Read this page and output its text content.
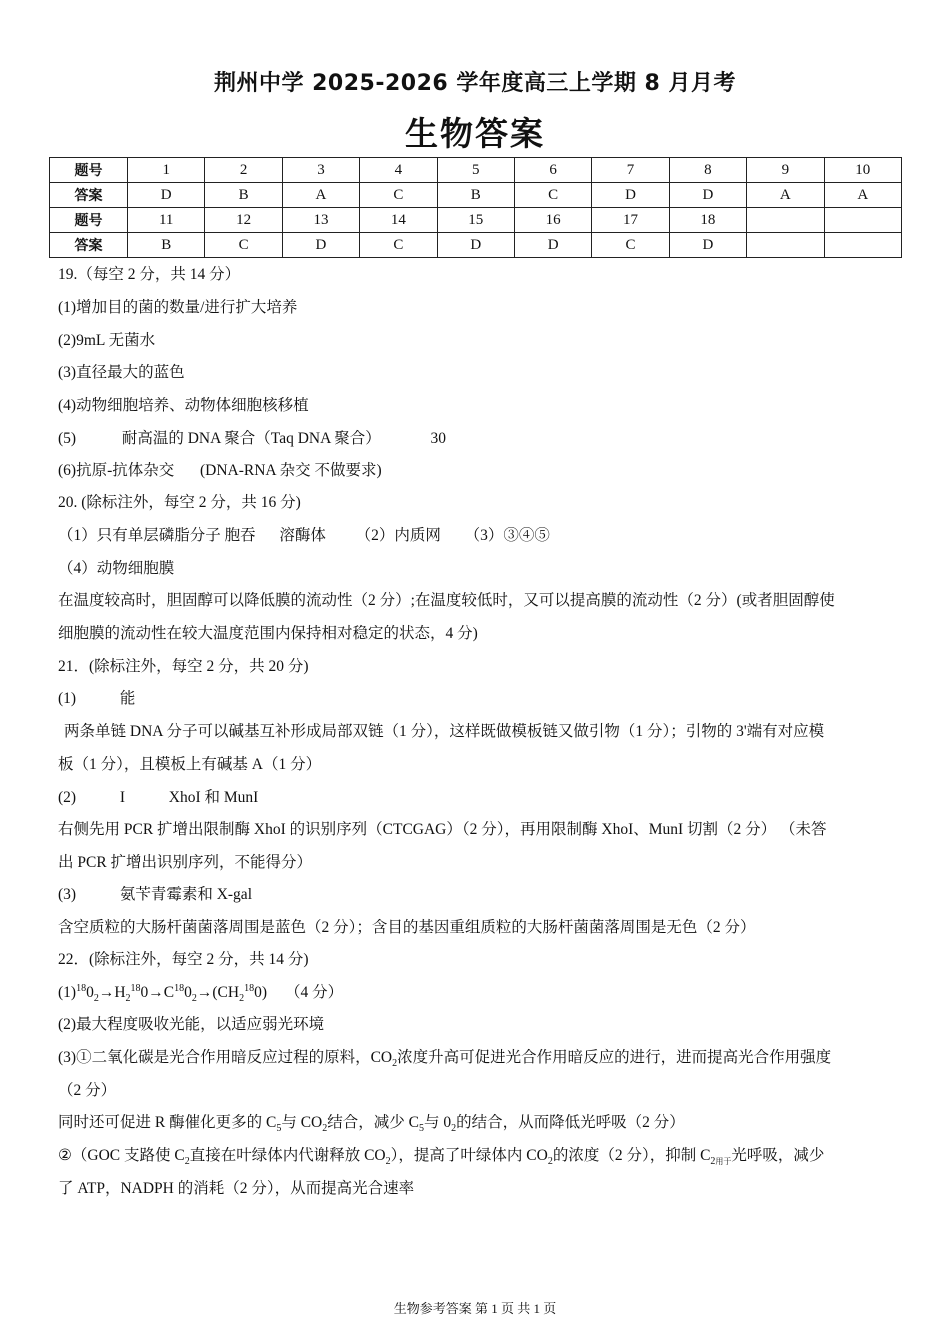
荆州中学 2025-2026 学年度高三上学期 8 月月考
生物答案
题号	1	2	3	4	5	6	7	8	9	10
答案	D	B	A	C	B	C	D	D	A	A
题号	11	12	13	14	15	16	17	18		
答案	B	C	D	C	D	D	C	D		
19.（每空 2 分，共 14 分）
(1)增加目的菌的数量/进行扩大培养
(2)9mL 无菌水
(3)直径最大的蓝色
(4)动物细胞培养、动物体细胞核移植
(5)	耐高温的 DNA 聚合（Taq DNA 聚合）	30
(6)抗原-抗体杂交 (DNA-RNA 杂交 不做要求)
20. (除标注外，每空 2 分，共 16 分)
（1）只有单层磷脂分子 胞吞 溶酶体 （2）内质网 （3）③④⑤
（4）动物细胞膜
在温度较高时，胆固醇可以降低膜的流动性（2 分）;在温度较低时，又可以提高膜的流动性（2 分）(或者胆固醇使
细胞膜的流动性在较大温度范围内保持相对稳定的状态，4 分)
21．(除标注外，每空 2 分，共 20 分)
(1)	能
两条单链 DNA 分子可以碱基互补形成局部双链（1 分），这样既做模板链又做引物（1 分）；引物的 3'端有对应模
板（1 分），且模板上有碱基 A（1 分）
(2)	I	XhoI 和 MunI
右侧先用 PCR 扩增出限制酶 XhoI 的识别序列（CTCGAG）（2 分），再用限制酶 XhoI、MunI 切割（2 分） （未答
出 PCR 扩增出识别序列，不能得分）
(3)	氨苄青霉素和 X-gal
含空质粒的大肠杆菌菌落周围是蓝色（2 分）；含目的基因重组质粒的大肠杆菌菌落周围是无色（2 分）
22．(除标注外，每空 2 分，共 14 分)
$(1)^{18}0_2\to H_2^{18}0\to C^{18}0_2\to(CH_2^{18}0)$ （4 分）
(2)最大程度吸收光能，以适应弱光环境
(3)①二氧化碳是光合作用暗反应过程的原料，$CO_2$浓度升高可促进光合作用暗反应的进行，进而提高光合作用强度
（2 分）
同时还可促进 R 酶催化更多的 $C_5$与 $CO_2$结合，减少 $C_5$与 $0_2$的结合，从而降低光呼吸（2 分）
②（GOC 支路使 $C_2$直接在叶绿体内代谢释放 $CO_2$），提高了叶绿体内 $CO_2$的浓度（2 分），抑制 $C_{2用于}$光呼吸，减少
了 ATP，NADPH 的消耗（2 分），从而提高光合速率
生物参考答案 第 1 页 共 1 页
